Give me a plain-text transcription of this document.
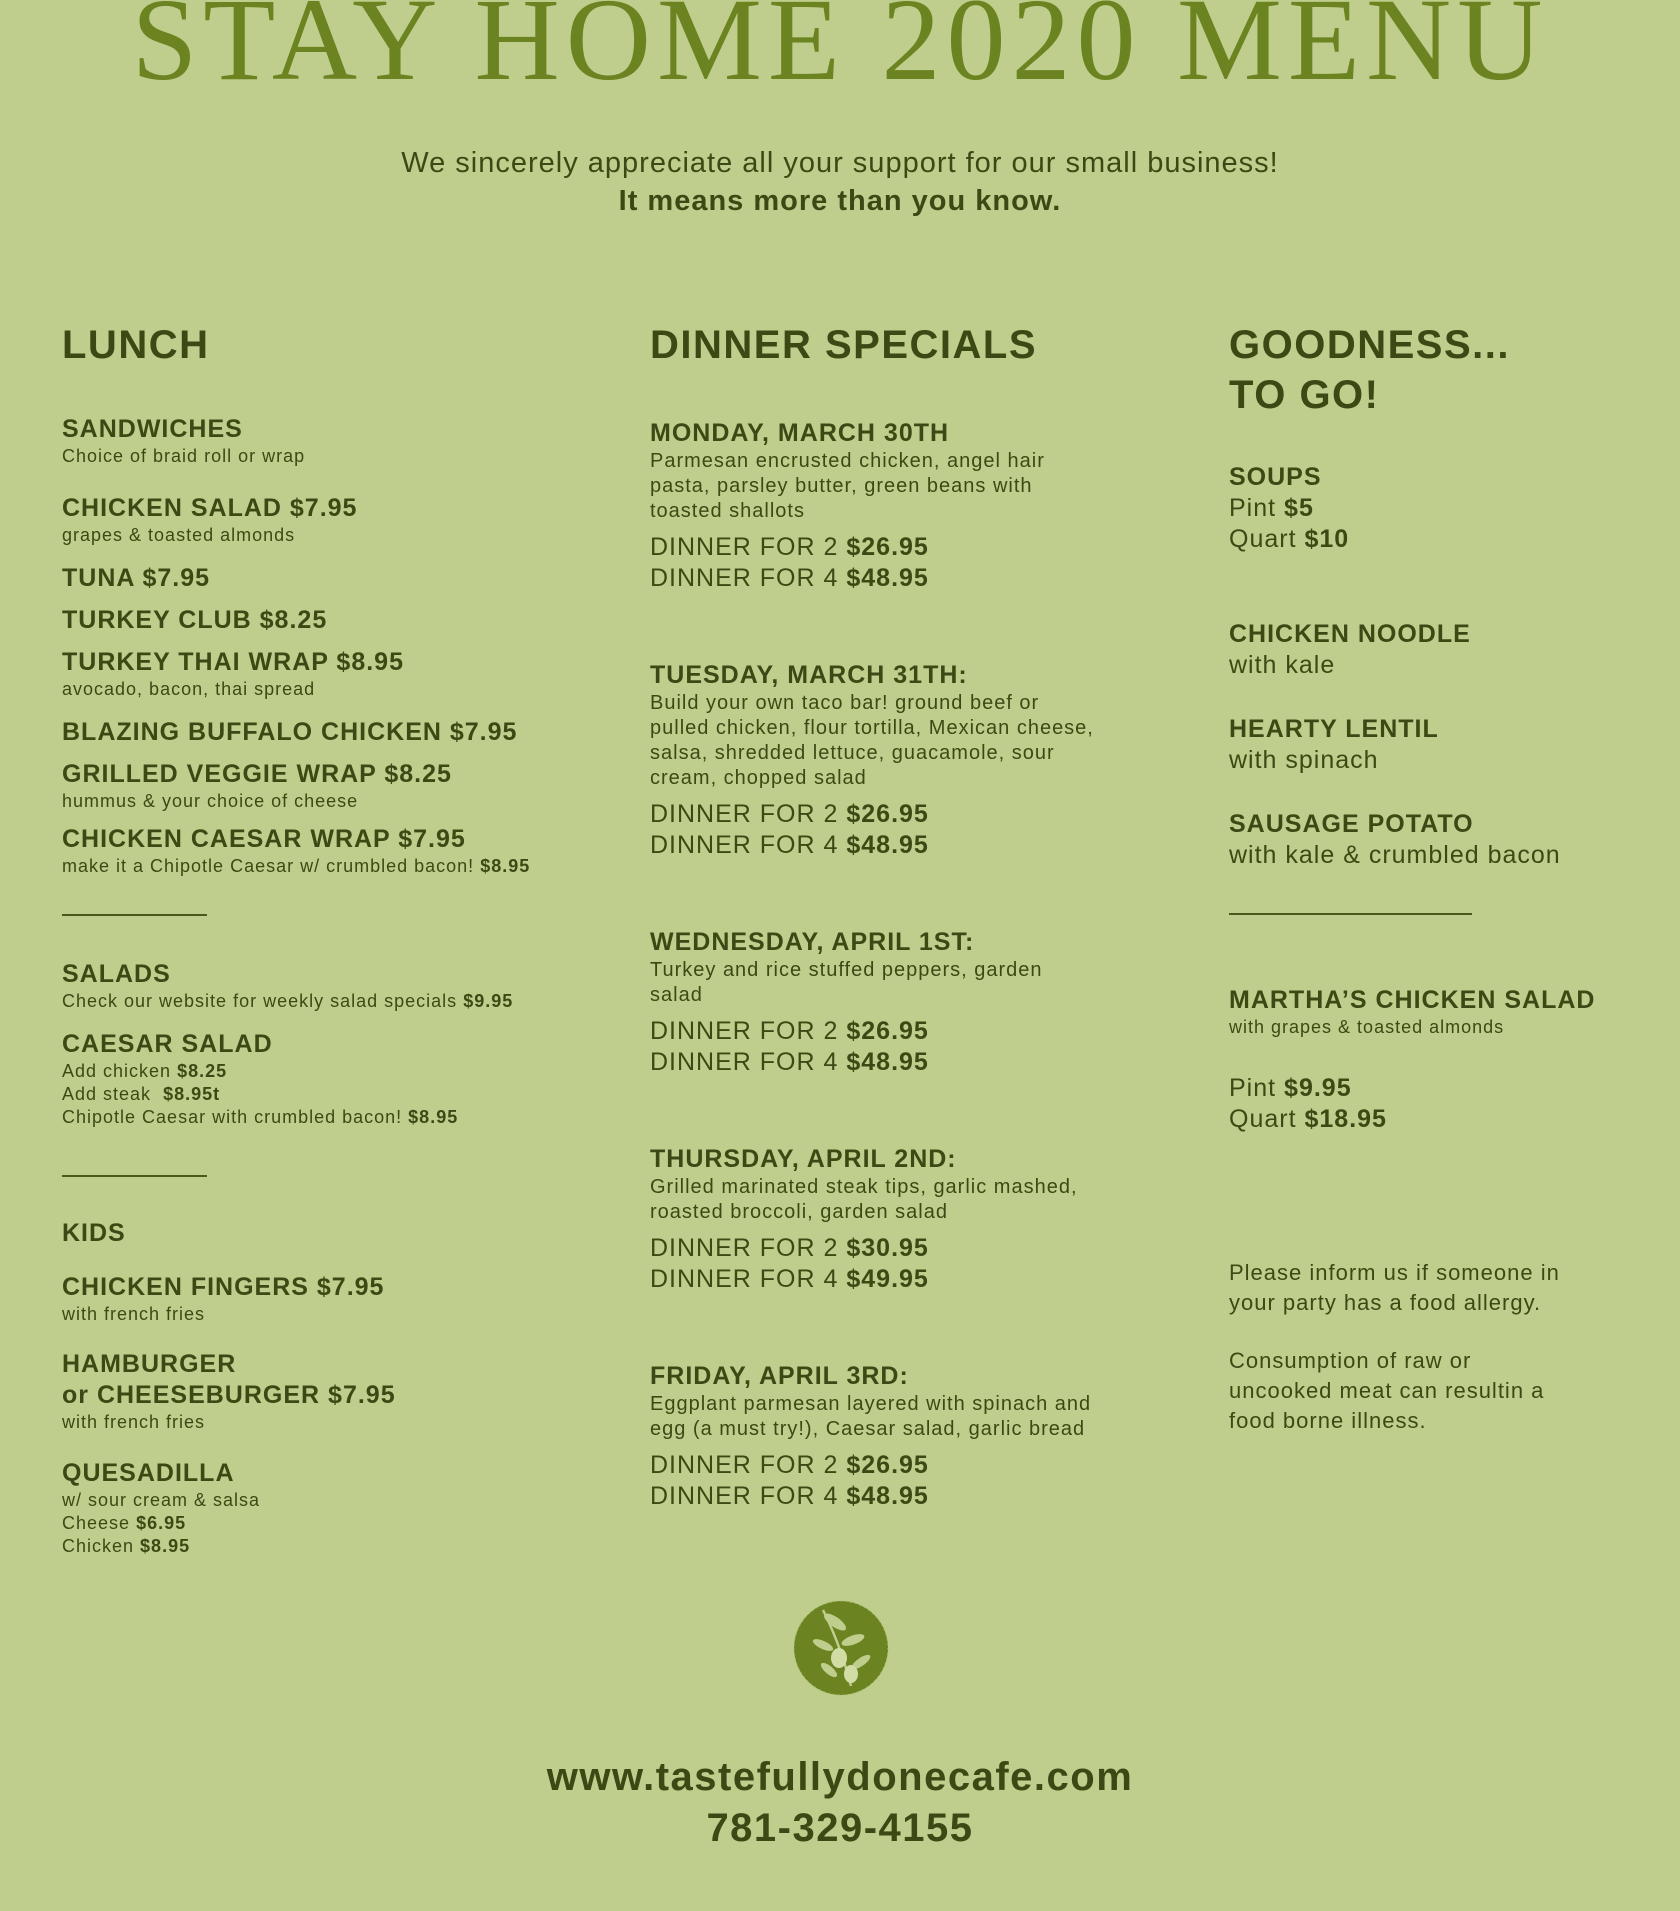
STAY HOME 2020 MENU
We sincerely appreciate all your support for our small business!
It means more than you know.
LUNCH
SANDWICHES
Choice of braid roll or wrap
CHICKEN SALAD $7.95
grapes & toasted almonds
TUNA $7.95
TURKEY CLUB $8.25
TURKEY THAI WRAP $8.95
avocado, bacon, thai spread
BLAZING BUFFALO CHICKEN $7.95
GRILLED VEGGIE WRAP $8.25
hummus & your choice of cheese
CHICKEN CAESAR WRAP $7.95
make it a Chipotle Caesar w/ crumbled bacon! $8.95
SALADS
Check our website for weekly salad specials $9.95
CAESAR SALAD
Add chicken $8.25
Add steak $8.95t
Chipotle Caesar with crumbled bacon! $8.95
KIDS
CHICKEN FINGERS $7.95
with french fries
HAMBURGER
or CHEESEBURGER $7.95
with french fries
QUESADILLA
w/ sour cream & salsa
Cheese $6.95
Chicken $8.95
DINNER SPECIALS
MONDAY, MARCH 30TH
Parmesan encrusted chicken, angel hair
pasta, parsley butter, green beans with
toasted shallots
DINNER FOR 2 $26.95
DINNER FOR 4 $48.95
TUESDAY, MARCH 31TH:
Build your own taco bar! ground beef or
pulled chicken, flour tortilla, Mexican cheese,
salsa, shredded lettuce, guacamole, sour
cream, chopped salad
DINNER FOR 2 $26.95
DINNER FOR 4 $48.95
WEDNESDAY, APRIL 1ST:
Turkey and rice stuffed peppers, garden
salad
DINNER FOR 2 $26.95
DINNER FOR 4 $48.95
THURSDAY, APRIL 2ND:
Grilled marinated steak tips, garlic mashed,
roasted broccoli, garden salad
DINNER FOR 2 $30.95
DINNER FOR 4 $49.95
FRIDAY, APRIL 3RD:
Eggplant parmesan layered with spinach and
egg (a must try!), Caesar salad, garlic bread
DINNER FOR 2 $26.95
DINNER FOR 4 $48.95
GOODNESS...
TO GO!
SOUPS
Pint $5
Quart $10
CHICKEN NOODLE
with kale
HEARTY LENTIL
with spinach
SAUSAGE POTATO
with kale & crumbled bacon
MARTHA’S CHICKEN SALAD
with grapes & toasted almonds
Pint $9.95
Quart $18.95
Please inform us if someone in
your party has a food allergy.
Consumption of raw or
uncooked meat can resultin a
food borne illness.
www.tastefullydonecafe.com
781-329-4155
